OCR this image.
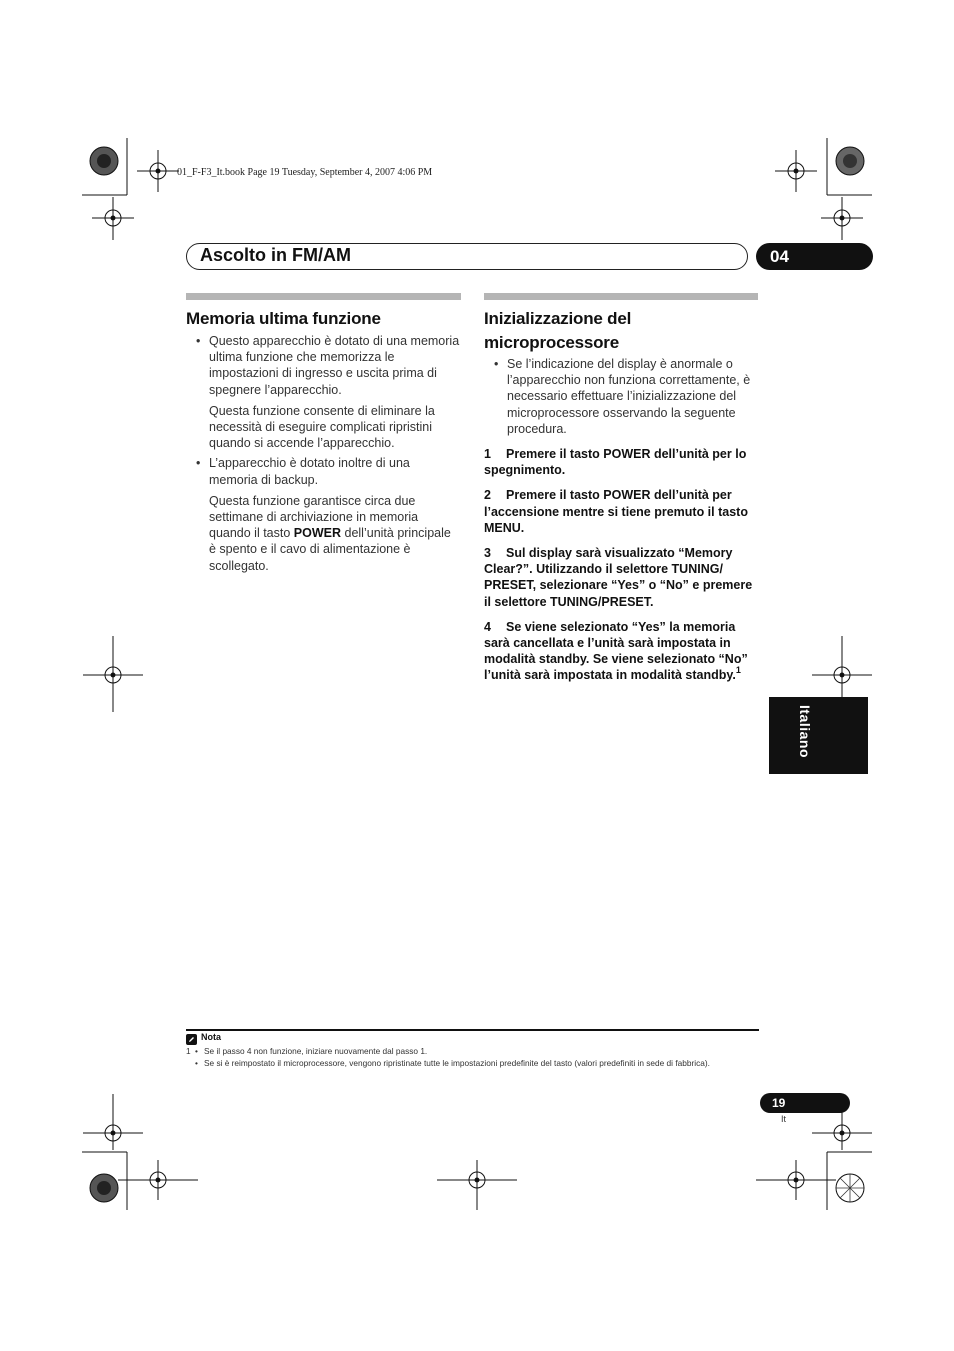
01_F-F3_It.book Page 19 Tuesday, September 4, 2007 4:06 PM
Ascolto in FM/AM	04
Memoria ultima funzione
• Questo apparecchio è dotato di una memoria ultima funzione che memorizza le impostazioni di ingresso e uscita prima di spegnere l’apparecchio.
Questa funzione consente di eliminare la necessità di eseguire complicati ripristini quando si accende l’apparecchio.
• L’apparecchio è dotato inoltre di una memoria di backup.
Questa funzione garantisce circa due settimane di archiviazione in memoria quando il tasto POWER dell’unità principale è spento e il cavo di alimentazione è scollegato.
Inizializzazione del
microprocessore
• Se l’indicazione del display è anormale o l’apparecchio non funziona correttamente, è necessario effettuare l’inizializzazione del microprocessore osservando la seguente procedura.
1 Premere il tasto POWER dell’unità per lo spegnimento.
2 Premere il tasto POWER dell’unità per l’accensione mentre si tiene premuto il tasto MENU.
3 Sul display sarà visualizzato “Memory Clear?”. Utilizzando il selettore TUNING/ PRESET, selezionare “Yes” o “No” e premere il selettore TUNING/PRESET.
4 Se viene selezionato “Yes” la memoria sarà cancellata e l’unità sarà impostata in modalità standby. Se viene selezionato “No” l’unità sarà impostata in modalità standby.$^1$
Italiano
Nota
1 • Se il passo 4 non funzione, iniziare nuovamente dal passo 1.
• Se si è reimpostato il microprocessore, vengono ripristinate tutte le impostazioni predefinite del tasto (valori predefiniti in sede di fabbrica).
19
It
